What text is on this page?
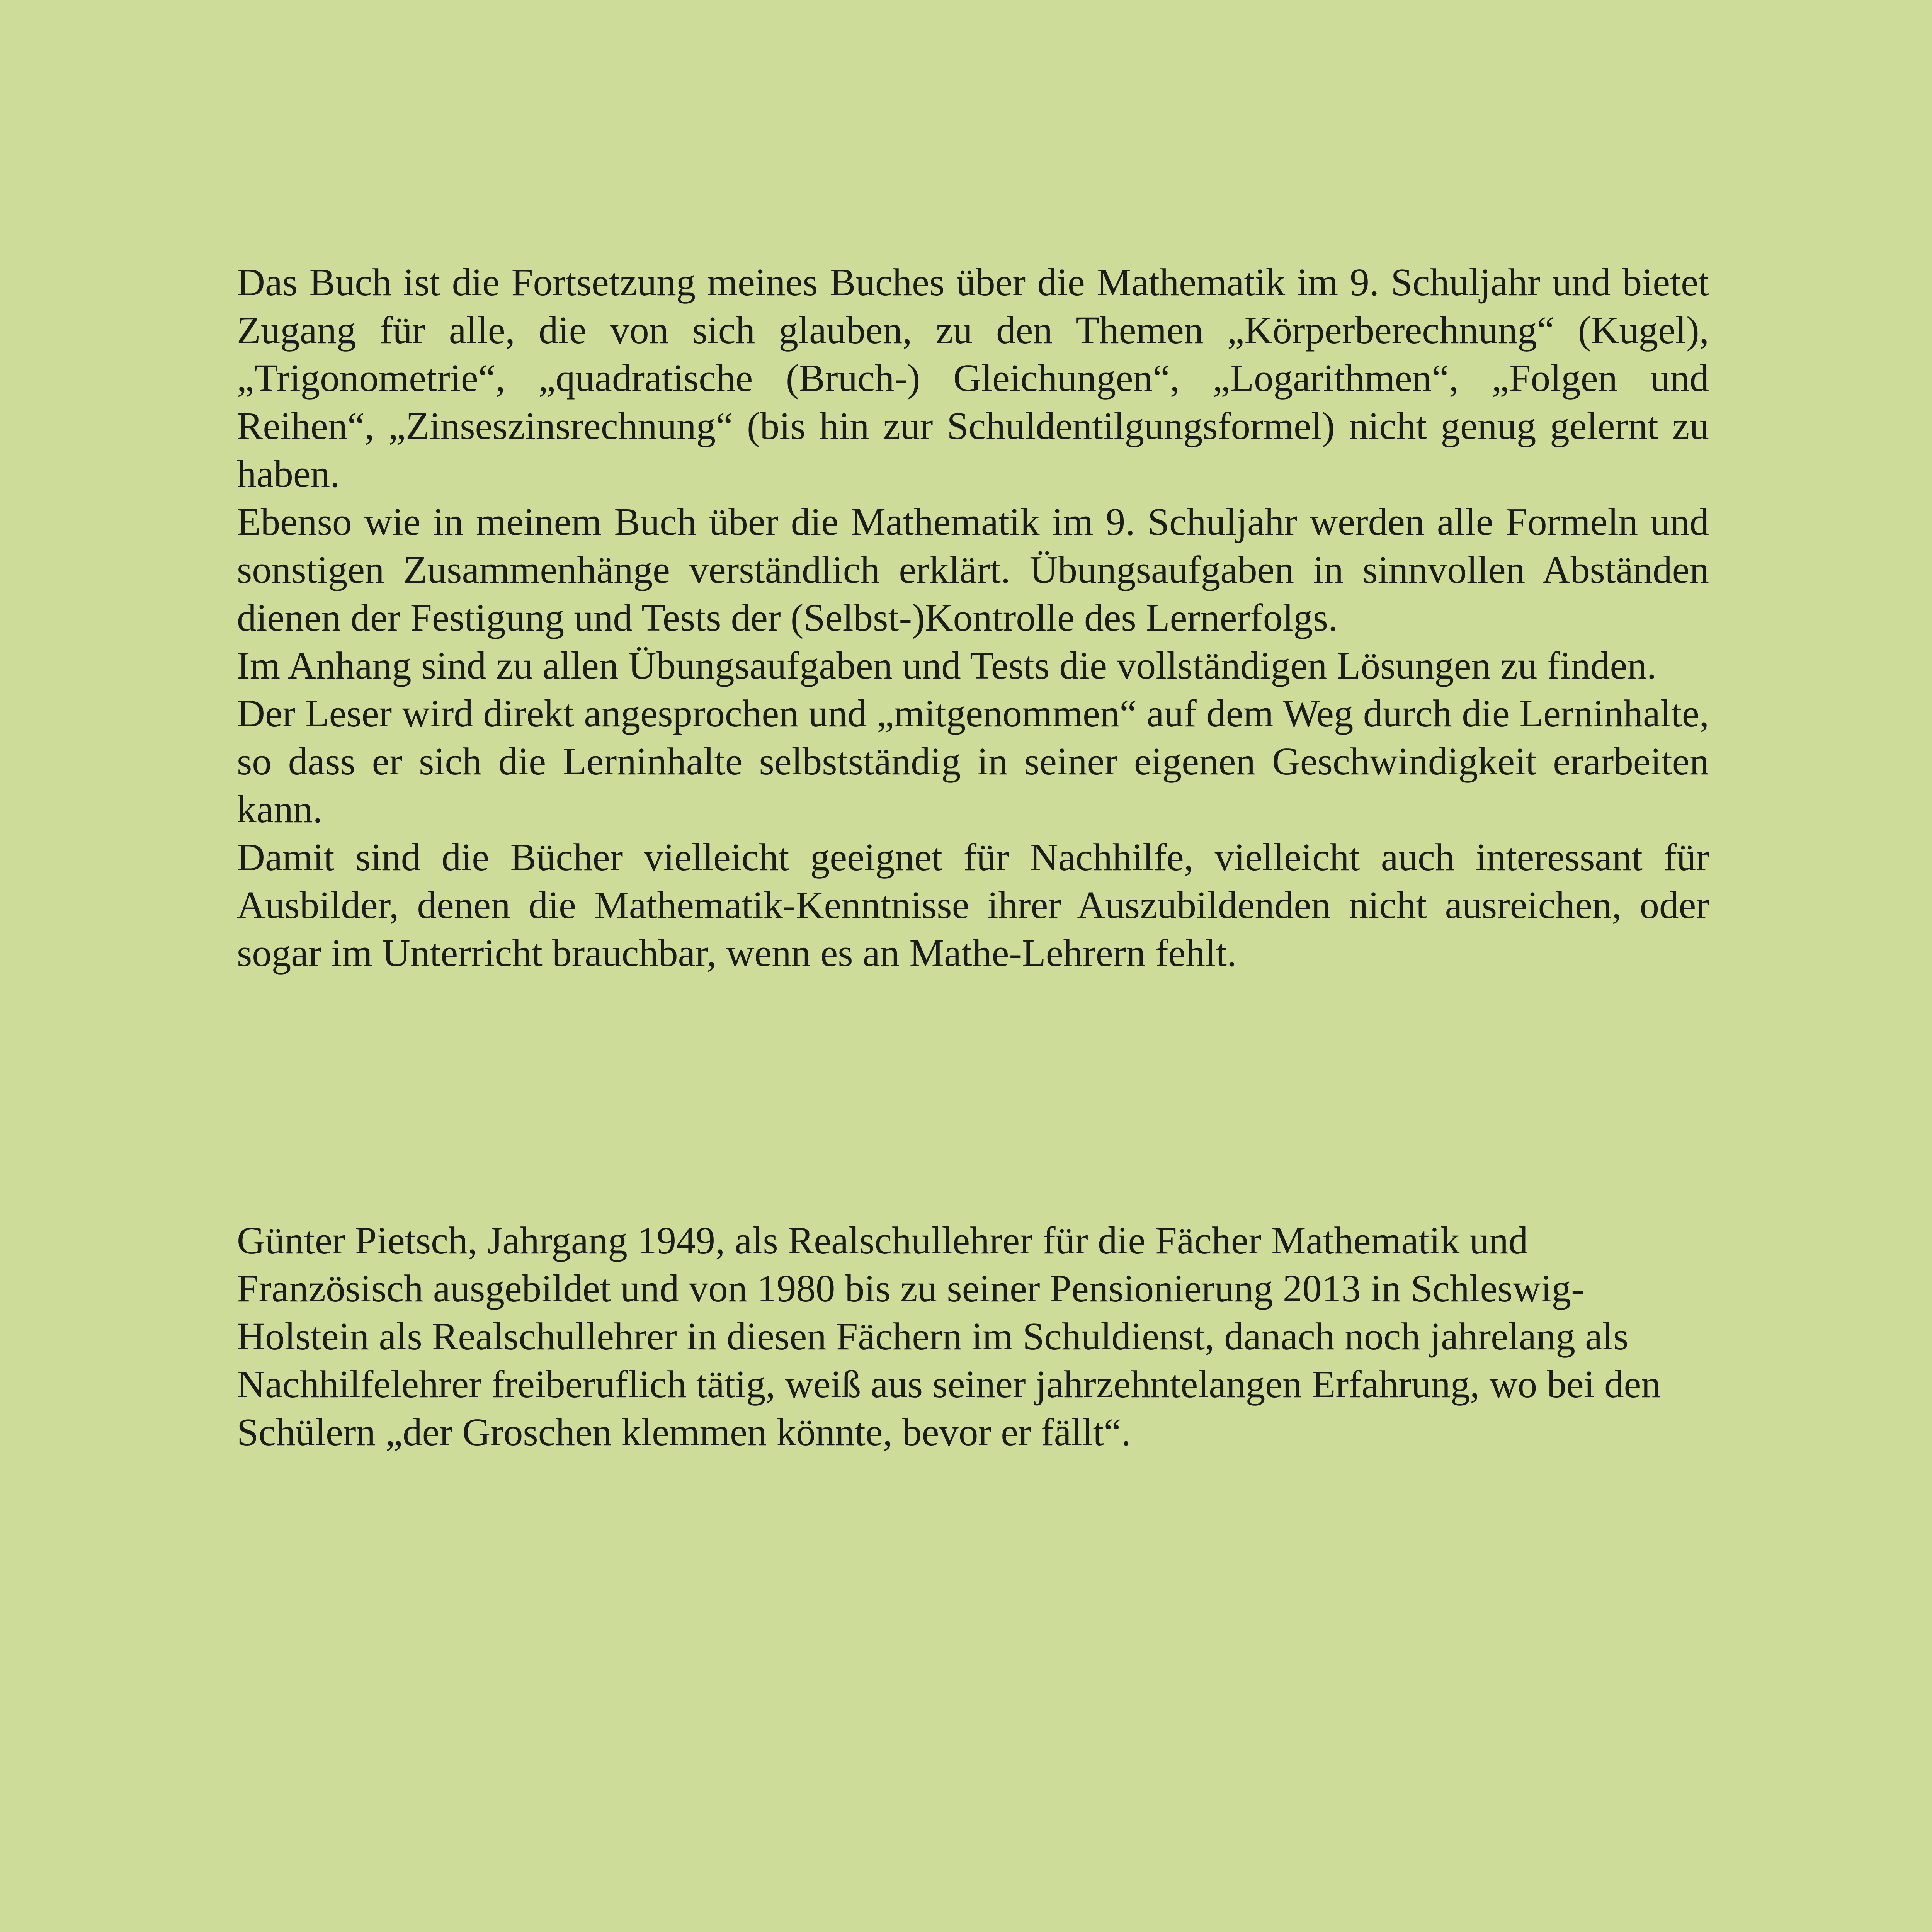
Das Buch ist die Fortsetzung meines Buches über die Mathematik im 9. Schuljahr und bietet Zugang für alle, die von sich glauben, zu den Themen „Körperberechnung“ (Kugel), „Trigonometrie“, „quadratische (Bruch-) Gleichungen“, „Logarithmen“, „Folgen und Reihen“, „Zinseszinsrechnung“ (bis hin zur Schuldentilgungsformel) nicht genug gelernt zu haben.

Ebenso wie in meinem Buch über die Mathematik im 9. Schuljahr werden alle Formeln und sonstigen Zusammenhänge verständlich erklärt. Übungsaufgaben in sinnvollen Abständen dienen der Festigung und Tests der (Selbst-)Kontrolle des Lernerfolgs.

Im Anhang sind zu allen Übungsaufgaben und Tests die vollständigen Lösungen zu finden.

Der Leser wird direkt angesprochen und „mitgenommen“ auf dem Weg durch die Lerninhalte, so dass er sich die Lerninhalte selbstständig in seiner eigenen Geschwindigkeit erarbeiten kann.

Damit sind die Bücher vielleicht geeignet für Nachhilfe, vielleicht auch interessant für Ausbilder, denen die Mathematik-Kenntnisse ihrer Auszubildenden nicht ausreichen, oder sogar im Unterricht brauchbar, wenn es an Mathe-Lehrern fehlt.

Günter Pietsch, Jahrgang 1949, als Realschullehrer für die Fächer Mathematik und Französisch ausgebildet und von 1980 bis zu seiner Pensionierung 2013 in Schleswig-Holstein als Realschullehrer in diesen Fächern im Schuldienst, danach noch jahrelang als Nachhilfelehrer freiberuflich tätig, weiß aus seiner jahrzehntelangen Erfahrung, wo bei den Schülern „der Groschen klemmen könnte, bevor er fällt“.
